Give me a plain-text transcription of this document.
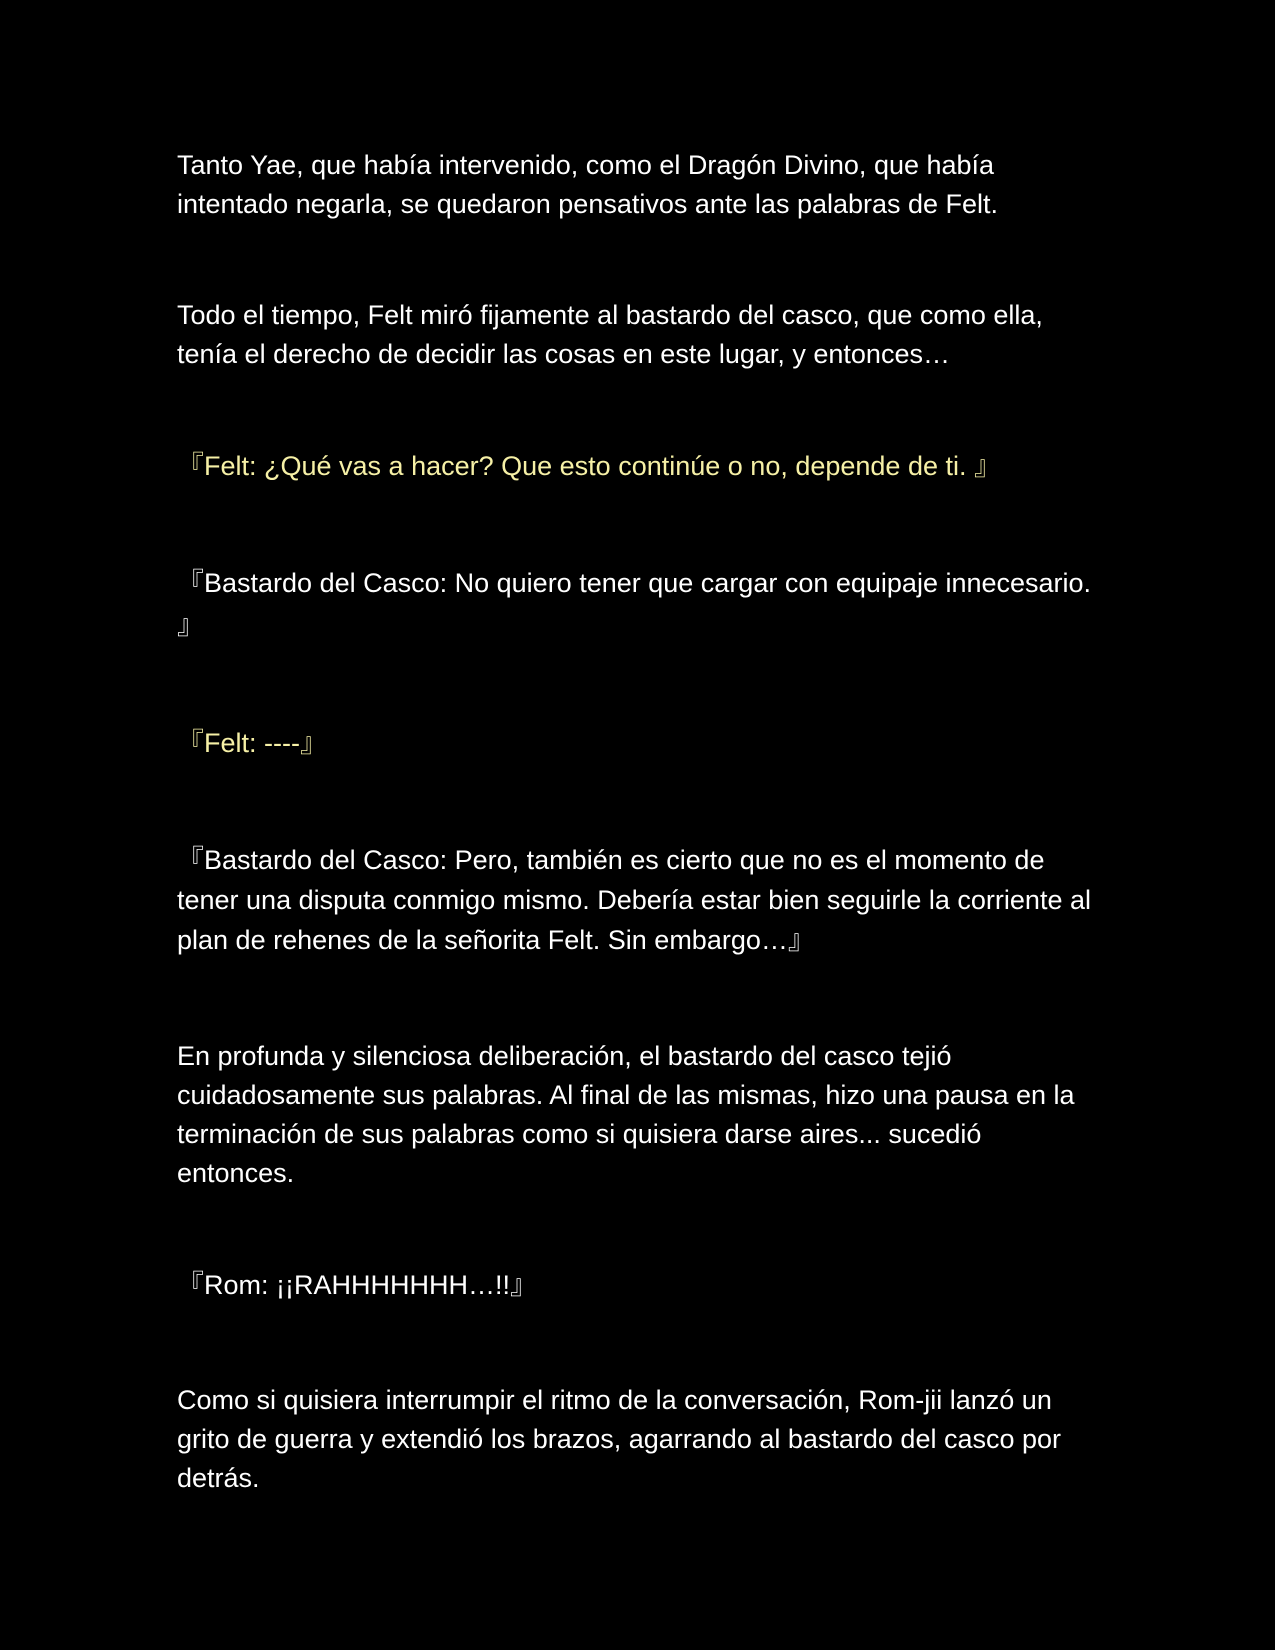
Tanto Yae, que había intervenido, como el Dragón Divino, que había intentado negarla, se quedaron pensativos ante las palabras de Felt.

Todo el tiempo, Felt miró fijamente al bastardo del casco, que como ella, tenía el derecho de decidir las cosas en este lugar, y entonces…

『Felt: ¿Qué vas a hacer? Que esto continúe o no, depende de ti. 』

『Bastardo del Casco: No quiero tener que cargar con equipaje innecesario. 』

『Felt: ----』

『Bastardo del Casco: Pero, también es cierto que no es el momento de tener una disputa conmigo mismo. Debería estar bien seguirle la corriente al plan de rehenes de la señorita Felt. Sin embargo…』

En profunda y silenciosa deliberación, el bastardo del casco tejió cuidadosamente sus palabras. Al final de las mismas, hizo una pausa en la terminación de sus palabras como si quisiera darse aires... sucedió entonces.

『Rom: ¡¡RAHHHHHHH…!!』

Como si quisiera interrumpir el ritmo de la conversación, Rom-jii lanzó un grito de guerra y extendió los brazos, agarrando al bastardo del casco por detrás.
